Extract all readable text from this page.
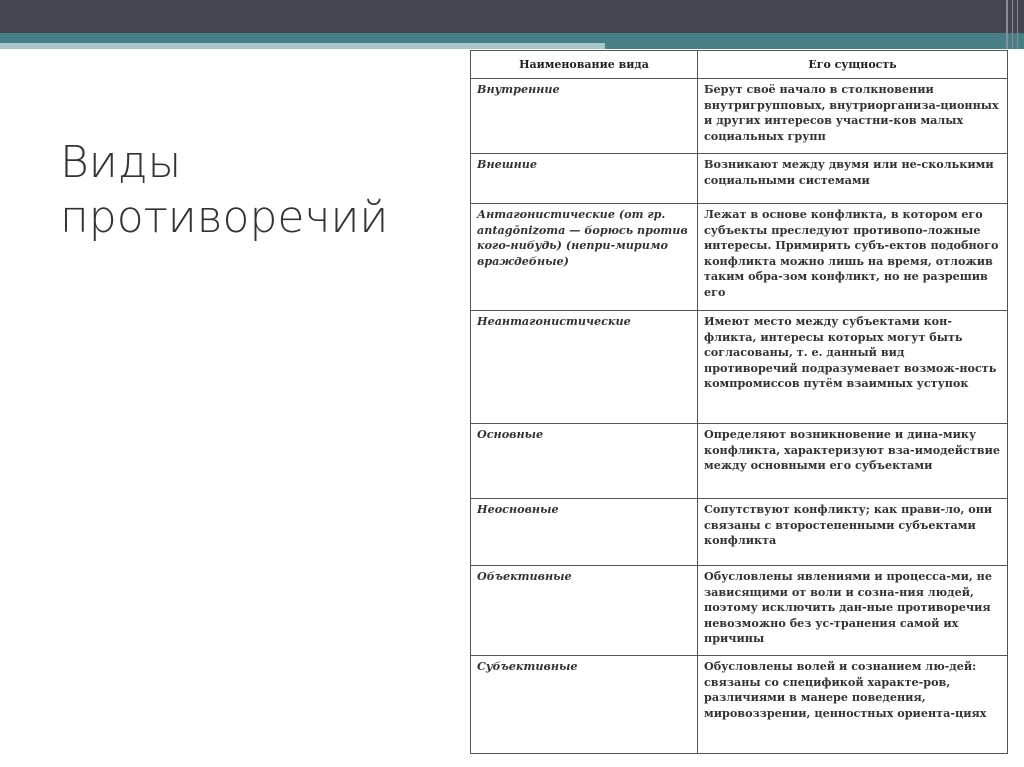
Виды
противоречий
Наименование вида	Его сущность
Внутренние	Берут своё начало в столкновении внутригрупповых, внутриорганиза-ционных и других интересов участни-ков малых социальных групп
Внешние	Возникают между двумя или не-сколькими социальными системами
Антагонистические (от гр. antagōnizoma — борюсь против кого-нибудь) (непри-миримо враждебные)	Лежат в основе конфликта, в котором его субъекты преследуют противопо-ложные интересы. Примирить субъ-ектов подобного конфликта можно лишь на время, отложив таким обра-зом конфликт, но не разрешив его
Неантагонистические	Имеют место между субъектами кон-фликта, интересы которых могут быть согласованы, т. е. данный вид противоречий подразумевает возмож-ность компромиссов путём взаимных уступок
Основные	Определяют возникновение и дина-мику конфликта, характеризуют вза-имодействие между основными его субъектами
Неосновные	Сопутствуют конфликту; как прави-ло, они связаны с второстепенными субъектами конфликта
Объективные	Обусловлены явлениями и процесса-ми, не зависящими от воли и созна-ния людей, поэтому исключить дан-ные противоречия невозможно без ус-транения самой их причины
Субъективные	Обусловлены волей и сознанием лю-дей: связаны со спецификой характе-ров, различиями в манере поведения, мировоззрении, ценностных ориента-циях
